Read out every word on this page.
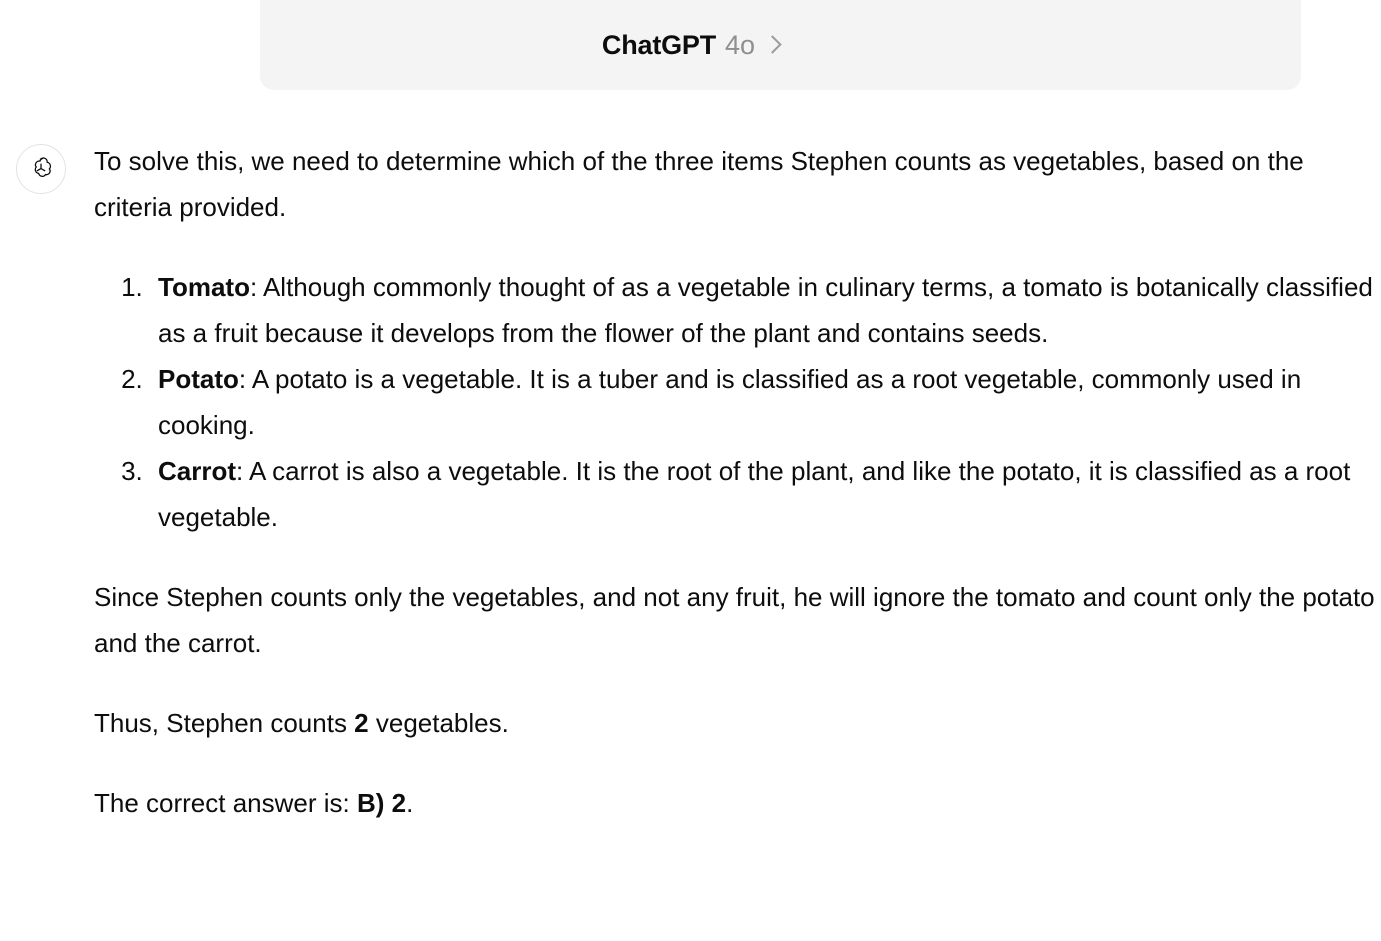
ChatGPT 4o

To solve this, we need to determine which of the three items Stephen counts as vegetables, based on the criteria provided.

1. Tomato: Although commonly thought of as a vegetable in culinary terms, a tomato is botanically classified as a fruit because it develops from the flower of the plant and contains seeds.
2. Potato: A potato is a vegetable. It is a tuber and is classified as a root vegetable, commonly used in cooking.
3. Carrot: A carrot is also a vegetable. It is the root of the plant, and like the potato, it is classified as a root vegetable.

Since Stephen counts only the vegetables, and not any fruit, he will ignore the tomato and count only the potato and the carrot.

Thus, Stephen counts 2 vegetables.

The correct answer is: B) 2.
